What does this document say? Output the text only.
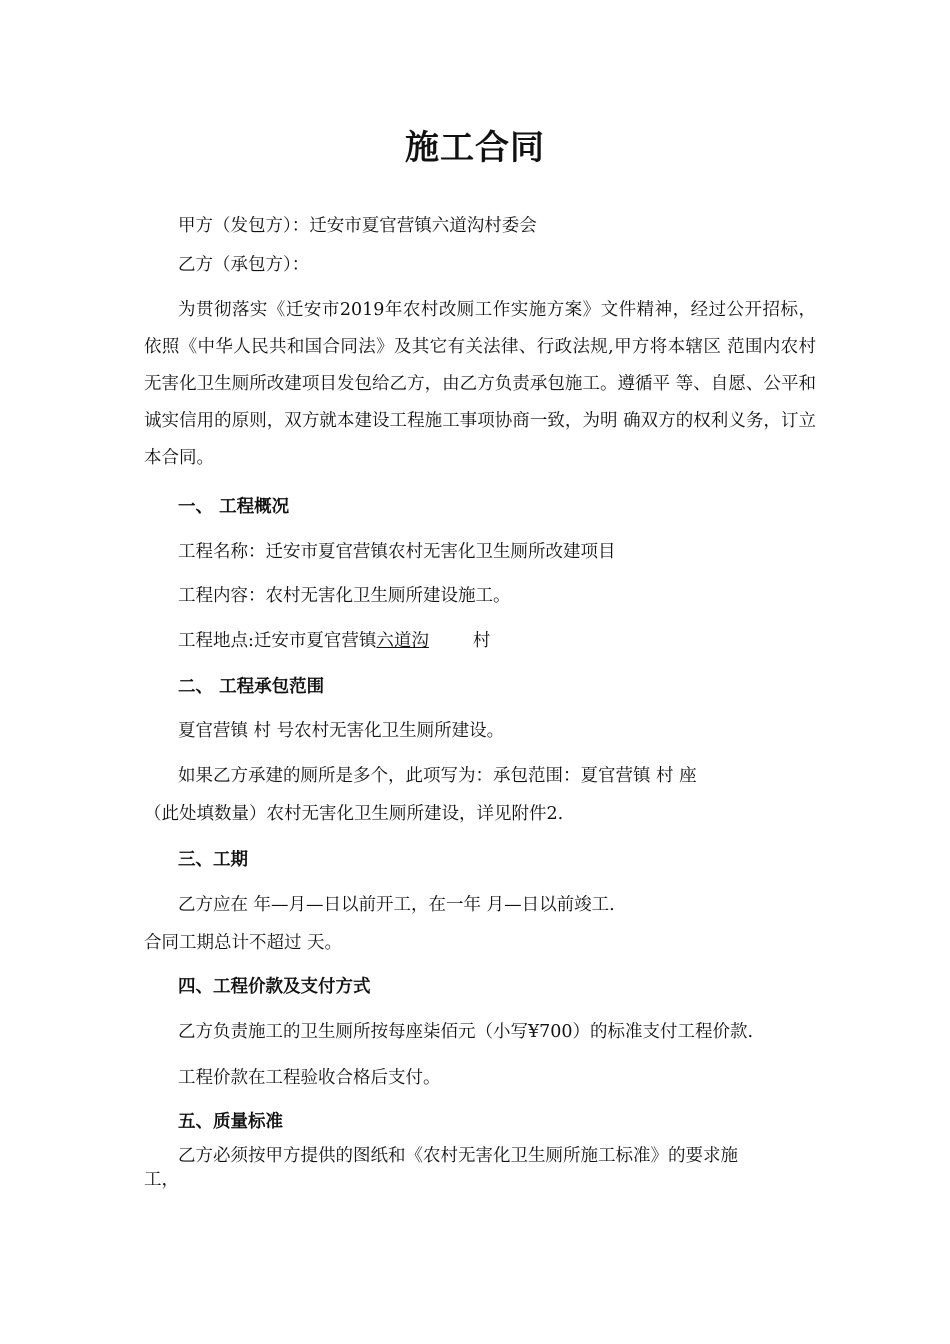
施工合同

甲方（发包方）：迁安市夏官营镇六道沟村委会

乙方（承包方）：

为贯彻落实《迁安市2019年农村改厕工作实施方案》文件精神，经过公开招标，依照《中华人民共和国合同法》及其它有关法律、行政法规,甲方将本辖区 范围内农村无害化卫生厕所改建项目发包给乙方，由乙方负责承包施工。遵循平 等、自愿、公平和诚实信用的原则，双方就本建设工程施工事项协商一致，为明 确双方的权利义务，订立本合同。

一、 工程概况

工程名称：迁安市夏官营镇农村无害化卫生厕所改建项目

工程内容：农村无害化卫生厕所建设施工。

工程地点:迁安市夏官营镇六道沟	村

二、 工程承包范围

夏官营镇 村 号农村无害化卫生厕所建设。

如果乙方承建的厕所是多个，此项写为：承包范围：夏官营镇 村 座

（此处填数量）农村无害化卫生厕所建设，详见附件2.

三、工期

乙方应在 年—月—日以前开工，在一年 月—日以前竣工.

合同工期总计不超过 天。

四、工程价款及支付方式

乙方负责施工的卫生厕所按每座柒佰元（小写¥700）的标准支付工程价款.

工程价款在工程验收合格后支付。

五、质量标准

乙方必须按甲方提供的图纸和《农村无害化卫生厕所施工标准》的要求施

工，
